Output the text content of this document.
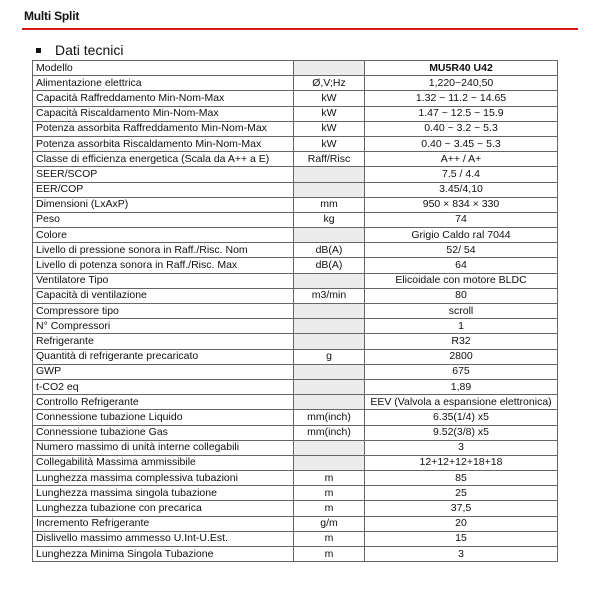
Multi Split
Dati tecnici
Modello		MU5R40 U42
Alimentazione elettrica	Ø,V;Hz	1,220~240,50
Capacità Raffreddamento Min-Nom-Max	kW	1.32 ~ 11.2 ~ 14.65
Capacità Riscaldamento Min-Nom-Max	kW	1.47 ~ 12.5 ~ 15.9
Potenza assorbita Raffreddamento Min-Nom-Max	kW	0.40 ~ 3.2 ~ 5.3
Potenza assorbita Riscaldamento Min-Nom-Max	kW	0.40 ~ 3.45 ~ 5.3
Classe di efficienza energetica (Scala da A++ a E)	Raff/Risc	A++ / A+
SEER/SCOP		7.5 / 4.4
EER/COP		3.45/4,10
Dimensioni (LxAxP)	mm	950 × 834 × 330
Peso	kg	74
Colore		Grigio Caldo ral 7044
Livello di pressione sonora in Raff./Risc. Nom	dB(A)	52/ 54
Livello di potenza sonora in Raff./Risc. Max	dB(A)	64
Ventilatore Tipo		Elicoidale con motore BLDC
Capacità di ventilazione	m3/min	80
Compressore tipo		scroll
N° Compressori		1
Refrigerante		R32
Quantità di refrigerante precaricato	g	2800
GWP		675
t-CO2 eq		1,89
Controllo Refrigerante		EEV (Valvola a espansione elettronica)
Connessione tubazione Liquido	mm(inch)	6.35(1/4) x5
Connessione tubazione Gas	mm(inch)	9.52(3/8) x5
Numero massimo di unità interne collegabili		3
Collegabilità Massima ammissibile		12+12+12+18+18
Lunghezza massima complessiva tubazioni	m	85
Lunghezza massima singola tubazione	m	25
Lunghezza tubazione con precarica	m	37,5
Incremento Refrigerante	g/m	20
Dislivello massimo ammesso U.Int-U.Est.	m	15
Lunghezza Minima Singola Tubazione	m	3
